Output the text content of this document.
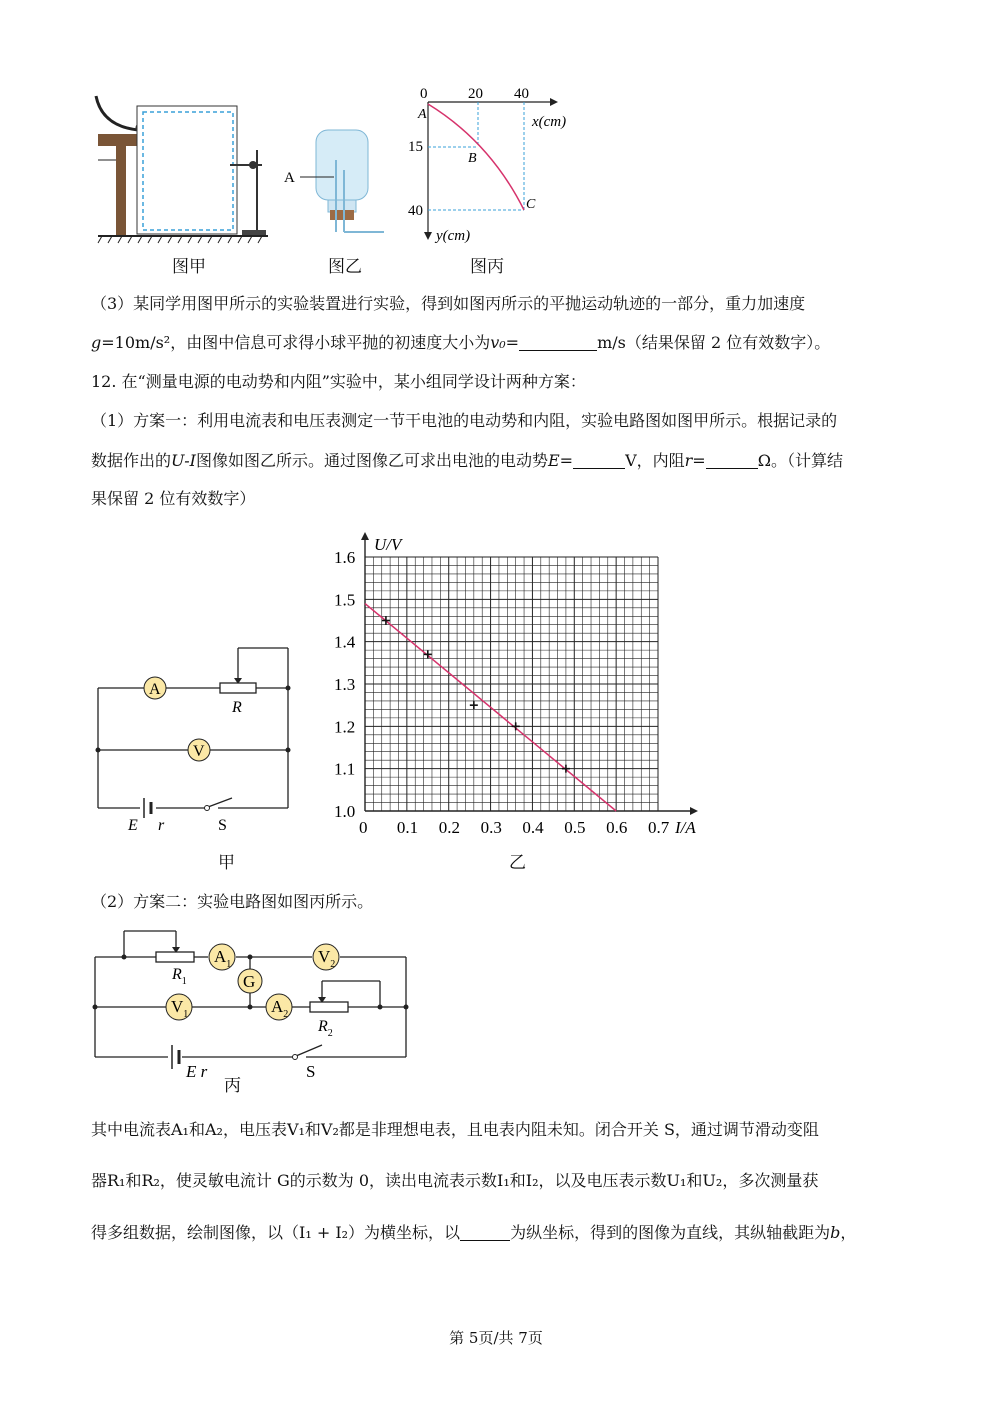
图甲
A
图乙
0	20 40
x(cm)
15
40
y(cm)
A
B
C
图丙
（3）某同学用图甲所示的实验装置进行实验，得到如图丙所示的平抛运动轨迹的一部分，重力加速度
g=10m/s²，由图中信息可求得小球平抛的初速度大小为v₀=	m/s（结果保留 2 位有效数字）。
12. 在“测量电源的电动势和内阻”实验中，某小组同学设计两种方案：
（1）方案一：利用电流表和电压表测定一节干电池的电动势和内阻，实验电路图如图甲所示。根据记录的
数据作出的U-I图像如图乙所示。通过图像乙可求出电池的电动势E=	V，内阻r=	Ω。（计算结
果保留 2 位有效数字）
A
V
R
E r	S
甲
0 0.1 0.2 0.3 0.4 0.5 0.6 0.7
1.0
1.1
1.2
1.3
1.4
1.5
1.6
I/A
U/V
乙
（2）方案二：实验电路图如图丙所示。
$A_1$	$V_2$
$V_1$	$A_2$
G
$R_1$
$R_2$
E r	S
丙
其中电流表A₁和A₂，电压表V₁和V₂都是非理想电表，且电表内阻未知。闭合开关 S，通过调节滑动变阻
器R₁和R₂，使灵敏电流计 G的示数为 0，读出电流表示数I₁和I₂，以及电压表示数U₁和U₂，多次测量获
得多组数据，绘制图像，以（I₁ + I₂）为横坐标，以	为纵坐标，得到的图像为直线，其纵轴截距为b，
第 5页/共 7页
